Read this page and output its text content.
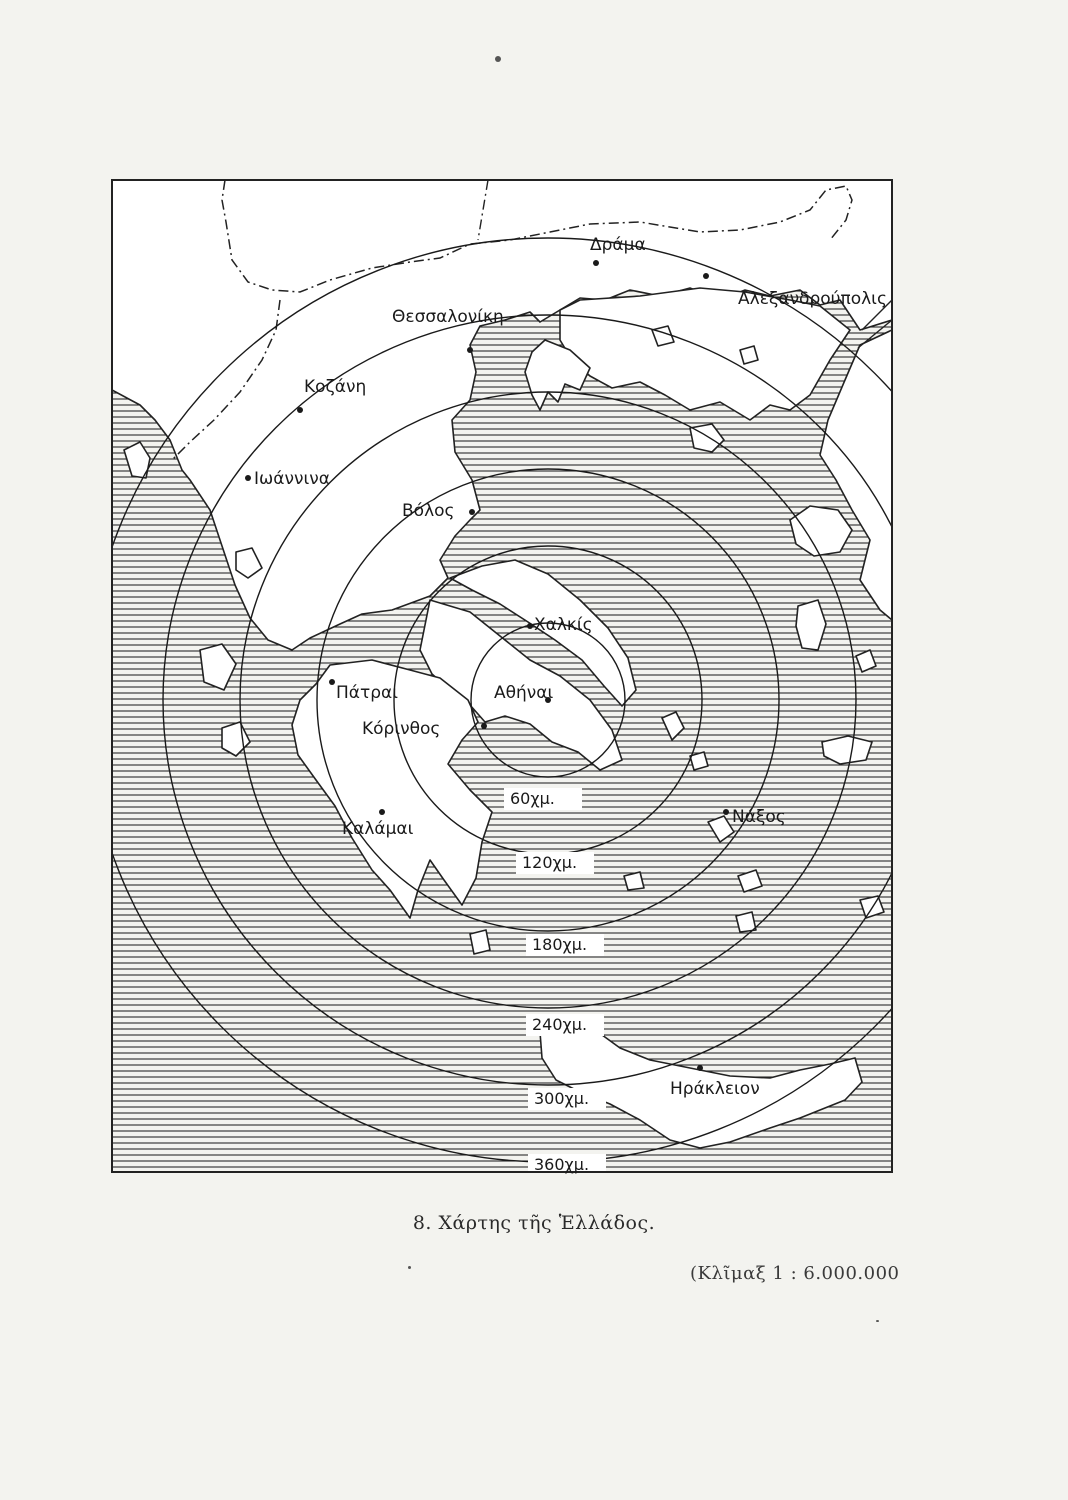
60χμ.
120χμ.
180χμ.
240χμ.
300χμ.
360χμ.
Δράμα
Αλεξανδρούπολις
Θεσσαλονίκη
Κοζάνη
Ιωάννινα
Βόλος
Χαλκίς
Πάτραι	Αθήναι
Κόρινθος
Καλάμαι
Νάξος
Ηράκλειον
8. Χάρτης τῆς Ἑλλάδος.
(Κλῖμαξ 1 : 6.000.000
